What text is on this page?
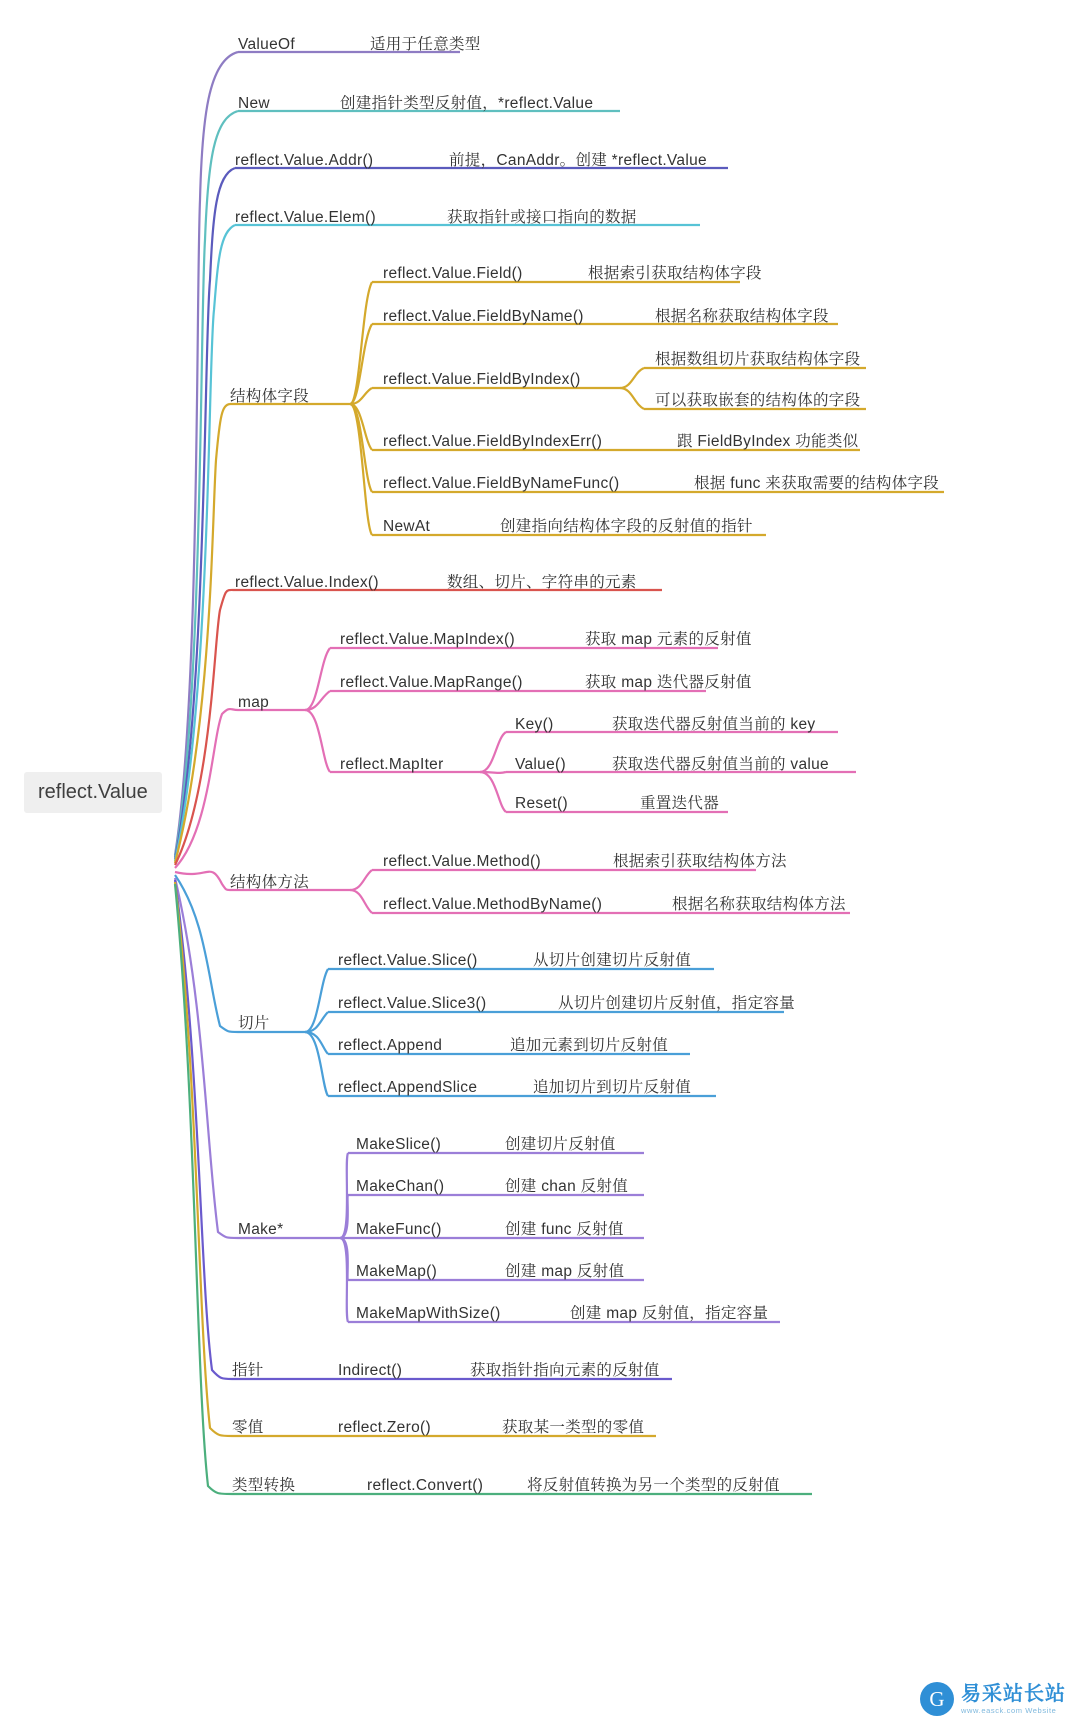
reflect.Value
ValueOf	适用于任意类型
New	创建指针类型反射值，*reflect.Value
reflect.Value.Addr()	前提，CanAddr。创建 *reflect.Value
reflect.Value.Elem()	获取指针或接口指向的数据
结构体字段
reflect.Value.Field()	根据索引获取结构体字段
reflect.Value.FieldByName()	根据名称获取结构体字段
reflect.Value.FieldByIndex()
根据数组切片获取结构体字段
可以获取嵌套的结构体的字段
reflect.Value.FieldByIndexErr()	跟 FieldByIndex 功能类似
reflect.Value.FieldByNameFunc()	根据 func 来获取需要的结构体字段
NewAt	创建指向结构体字段的反射值的指针
reflect.Value.Index()	数组、切片、字符串的元素
map
reflect.Value.MapIndex()	获取 map 元素的反射值
reflect.Value.MapRange()	获取 map 迭代器反射值
reflect.MapIter
Key()	获取迭代器反射值当前的 key
Value()	获取迭代器反射值当前的 value
Reset()	重置迭代器
结构体方法
reflect.Value.Method()	根据索引获取结构体方法
reflect.Value.MethodByName()	根据名称获取结构体方法
切片
reflect.Value.Slice()	从切片创建切片反射值
reflect.Value.Slice3()	从切片创建切片反射值，指定容量
reflect.Append	追加元素到切片反射值
reflect.AppendSlice	追加切片到切片反射值
Make*
MakeSlice()	创建切片反射值
MakeChan()	创建 chan 反射值
MakeFunc()	创建 func 反射值
MakeMap()	创建 map 反射值
MakeMapWithSize()	创建 map 反射值，指定容量
指针	Indirect()	获取指针指向元素的反射值
零值	reflect.Zero()	获取某一类型的零值
类型转换	reflect.Convert()	将反射值转换为另一个类型的反射值
G 易采站长站
www.easck.com Website
